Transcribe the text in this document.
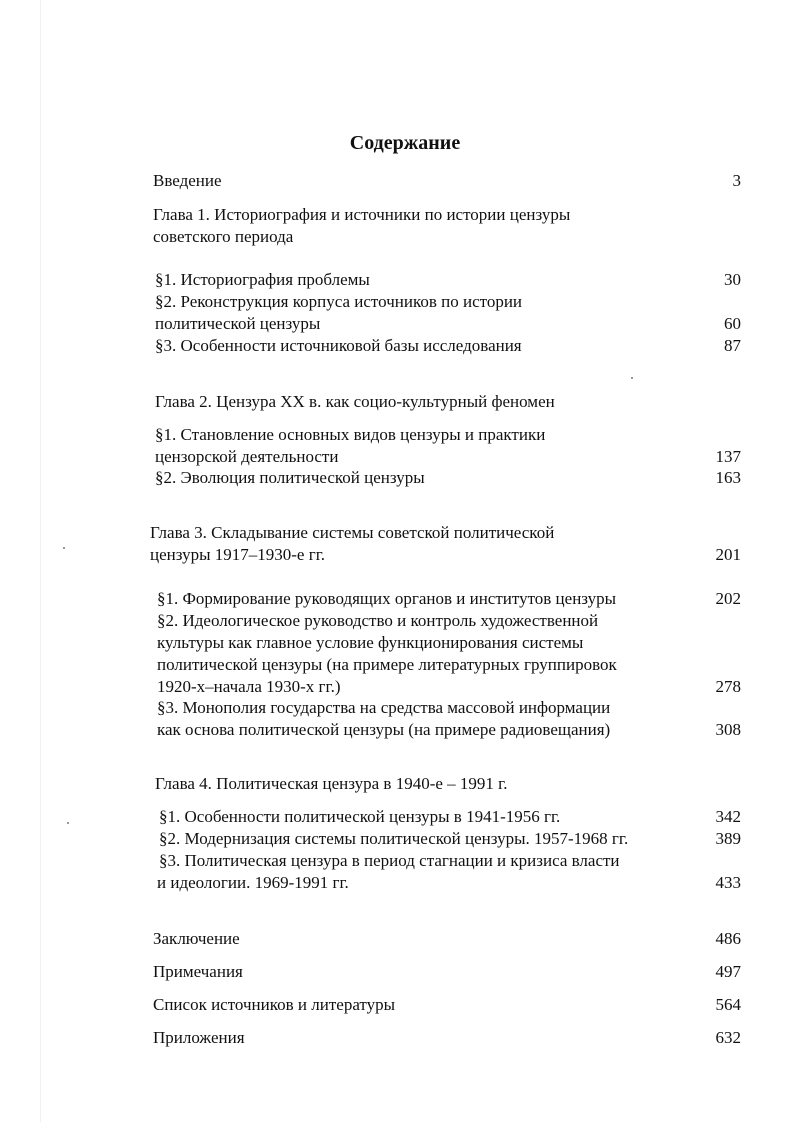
Содержание
Введение	3
Глава 1. Историография и источники по истории цензуры
советского периода
§1. Историография проблемы	30
§2. Реконструкция корпуса источников по истории
политической цензуры	60
§3. Особенности источниковой базы исследования	87
Глава 2. Цензура XX в. как социо-культурный феномен
§1. Становление основных видов цензуры и практики
цензорской деятельности	137
§2. Эволюция политической цензуры	163
Глава 3. Складывание системы советской политической
цензуры 1917–1930-е гг.	201
§1. Формирование руководящих органов и институтов цензуры	202
§2. Идеологическое руководство и контроль художественной
культуры как главное условие функционирования системы
политической цензуры (на примере литературных группировок
1920-х–начала 1930-х гг.)	278
§3. Монополия государства на средства массовой информации
как основа политической цензуры (на примере радиовещания)	308
Глава 4. Политическая цензура в 1940-е – 1991 г.
§1. Особенности политической цензуры в 1941-1956 гг.	342
§2. Модернизация системы политической цензуры. 1957-1968 гг.	389
§3. Политическая цензура в период стагнации и кризиса власти
и идеологии. 1969-1991 гг.	433
Заключение	486
Примечания	497
Список источников и литературы	564
Приложения	632
